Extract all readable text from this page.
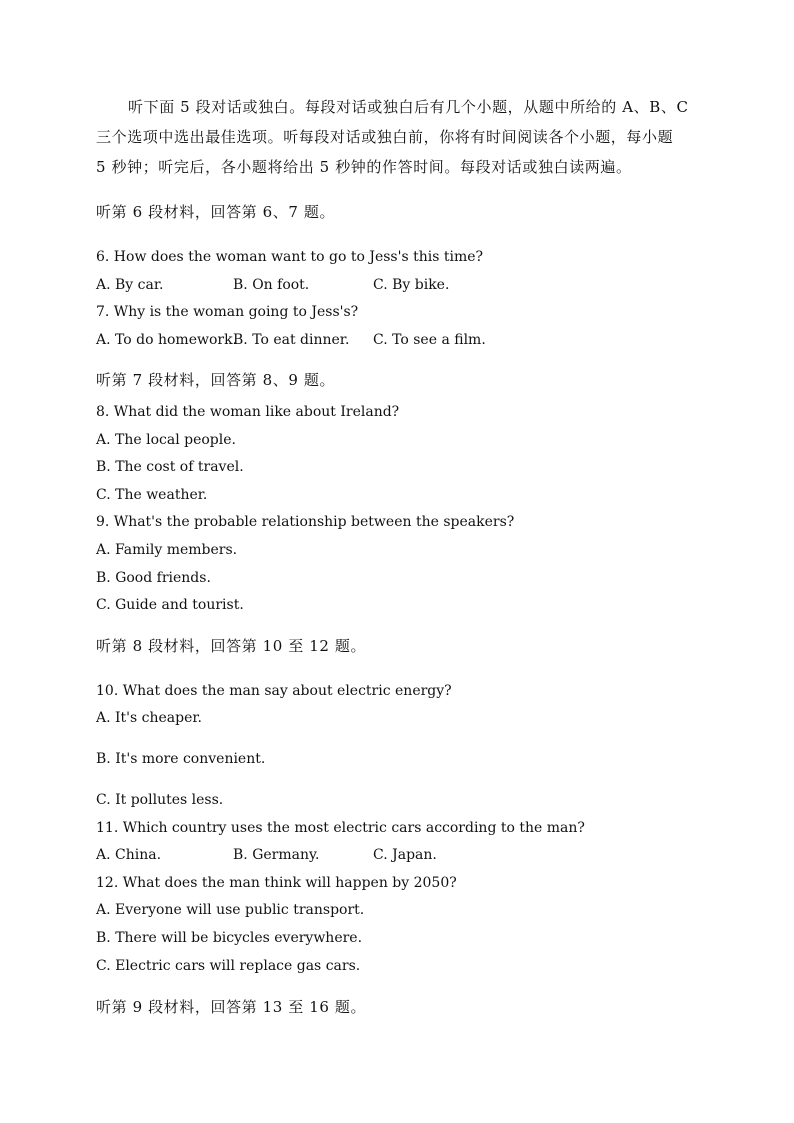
听下面 5 段对话或独白。每段对话或独白后有几个小题，从题中所给的 A、B、C
三个选项中选出最佳选项。听每段对话或独白前，你将有时间阅读各个小题，每小题
5 秒钟；听完后，各小题将给出 5 秒钟的作答时间。每段对话或独白读两遍。
听第 6 段材料，回答第 6、7 题。
6. How does the woman want to go to Jess's this time?
A. By car.	B. On foot.	C. By bike.
7. Why is the woman going to Jess's?
A. To do homework.
B. To eat dinner. C. To see a film.
听第 7 段材料，回答第 8、9 题。
8. What did the woman like about Ireland?
A. The local people.
B. The cost of travel.
C. The weather.
9. What's the probable relationship between the speakers?
A. Family members.
B. Good friends.
C. Guide and tourist.
听第 8 段材料，回答第 10 至 12 题。
10. What does the man say about electric energy?
A. It's cheaper.
B. It's more convenient.
C. It pollutes less.
11. Which country uses the most electric cars according to the man?
A. China.	B. Germany.	C. Japan.
12. What does the man think will happen by 2050?
A. Everyone will use public transport.
B. There will be bicycles everywhere.
C. Electric cars will replace gas cars.
听第 9 段材料，回答第 13 至 16 题。
